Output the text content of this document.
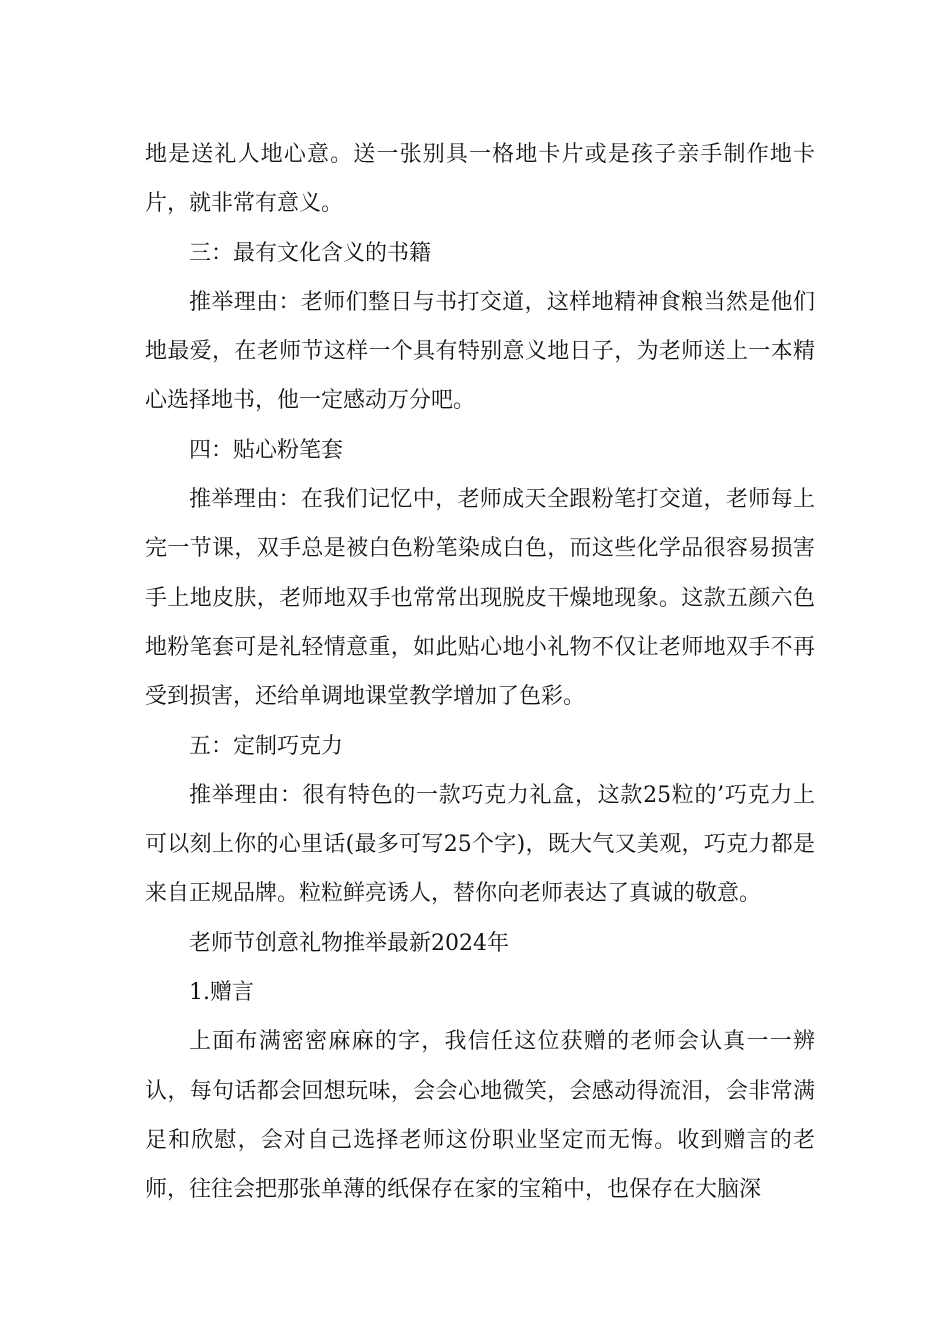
地是送礼人地心意。送一张别具一格地卡片或是孩子亲手制作地卡片，就非常有意义。

三：最有文化含义的书籍

推举理由：老师们整日与书打交道，这样地精神食粮当然是他们地最爱，在老师节这样一个具有特别意义地日子，为老师送上一本精心选择地书，他一定感动万分吧。

四：贴心粉笔套

推举理由：在我们记忆中，老师成天全跟粉笔打交道，老师每上完一节课，双手总是被白色粉笔染成白色，而这些化学品很容易损害手上地皮肤，老师地双手也常常出现脱皮干燥地现象。这款五颜六色地粉笔套可是礼轻情意重，如此贴心地小礼物不仅让老师地双手不再受到损害，还给单调地课堂教学增加了色彩。

五：定制巧克力

推举理由：很有特色的一款巧克力礼盒，这款25粒的’巧克力上可以刻上你的心里话(最多可写25个字)，既大气又美观，巧克力都是来自正规品牌。粒粒鲜亮诱人，替你向老师表达了真诚的敬意。

老师节创意礼物推举最新2024年

1.赠言

上面布满密密麻麻的字，我信任这位获赠的老师会认真一一辨认，每句话都会回想玩味，会会心地微笑，会感动得流泪，会非常满足和欣慰，会对自己选择老师这份职业坚定而无悔。收到赠言的老师，往往会把那张单薄的纸保存在家的宝箱中，也保存在大脑深
